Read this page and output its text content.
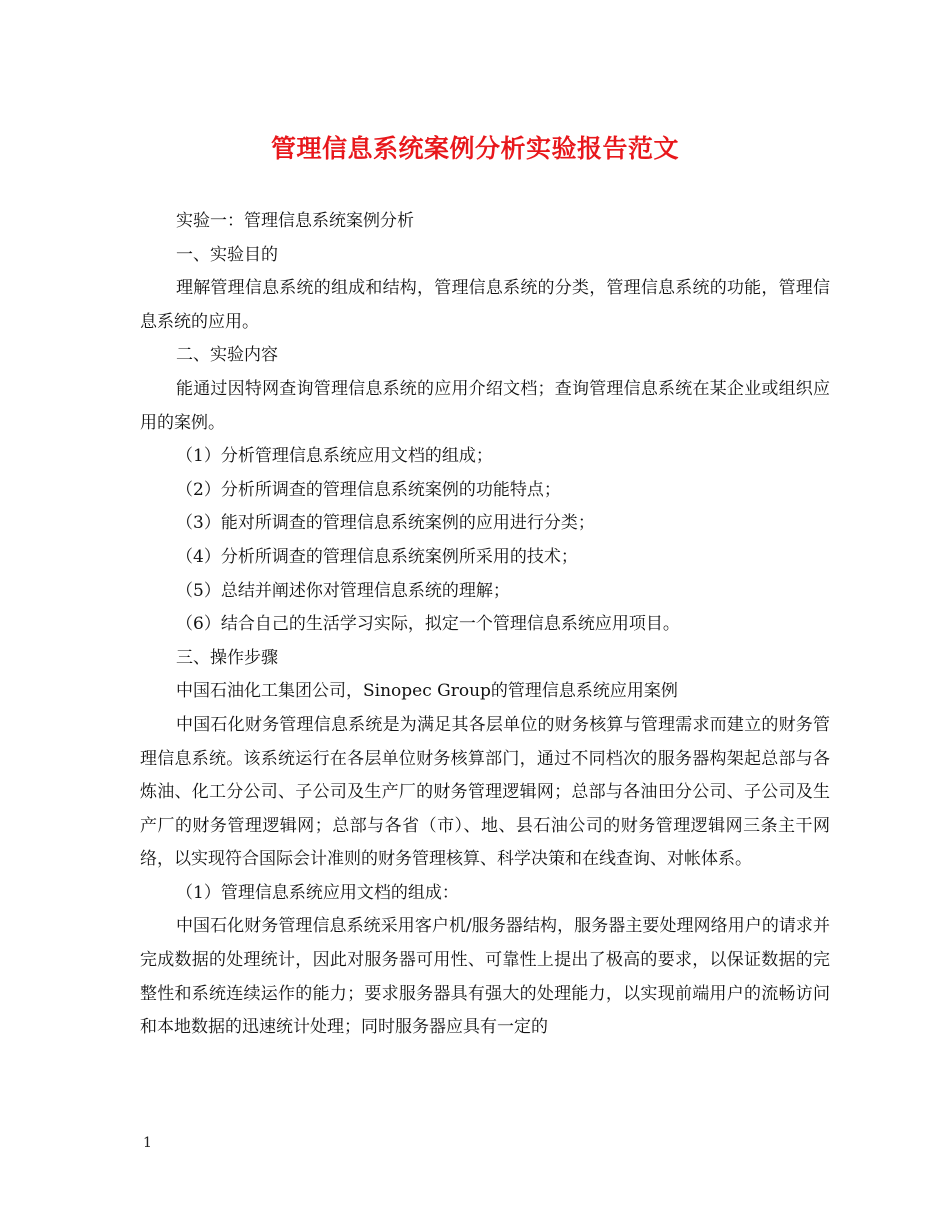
管理信息系统案例分析实验报告范文

实验一：管理信息系统案例分析

一、实验目的

理解管理信息系统的组成和结构，管理信息系统的分类，管理信息系统的功能，管理信息系统的应用。

二、实验内容

能通过因特网查询管理信息系统的应用介绍文档；查询管理信息系统在某企业或组织应用的案例。

（1）分析管理信息系统应用文档的组成；

（2）分析所调查的管理信息系统案例的功能特点；

（3）能对所调查的管理信息系统案例的应用进行分类；

（4）分析所调查的管理信息系统案例所采用的技术；

（5）总结并阐述你对管理信息系统的理解；

（6）结合自己的生活学习实际，拟定一个管理信息系统应用项目。

三、操作步骤

中国石油化工集团公司，Sinopec Group的管理信息系统应用案例

中国石化财务管理信息系统是为满足其各层单位的财务核算与管理需求而建立的财务管理信息系统。该系统运行在各层单位财务核算部门，通过不同档次的服务器构架起总部与各炼油、化工分公司、子公司及生产厂的财务管理逻辑网；总部与各油田分公司、子公司及生产厂的财务管理逻辑网；总部与各省（市）、地、县石油公司的财务管理逻辑网三条主干网络，以实现符合国际会计准则的财务管理核算、科学决策和在线查询、对帐体系。

（1）管理信息系统应用文档的组成：

中国石化财务管理信息系统采用客户机/服务器结构，服务器主要处理网络用户的请求并完成数据的处理统计，因此对服务器可用性、可靠性上提出了极高的要求，以保证数据的完整性和系统连续运作的能力；要求服务器具有强大的处理能力，以实现前端用户的流畅访问和本地数据的迅速统计处理；同时服务器应具有一定的

1
